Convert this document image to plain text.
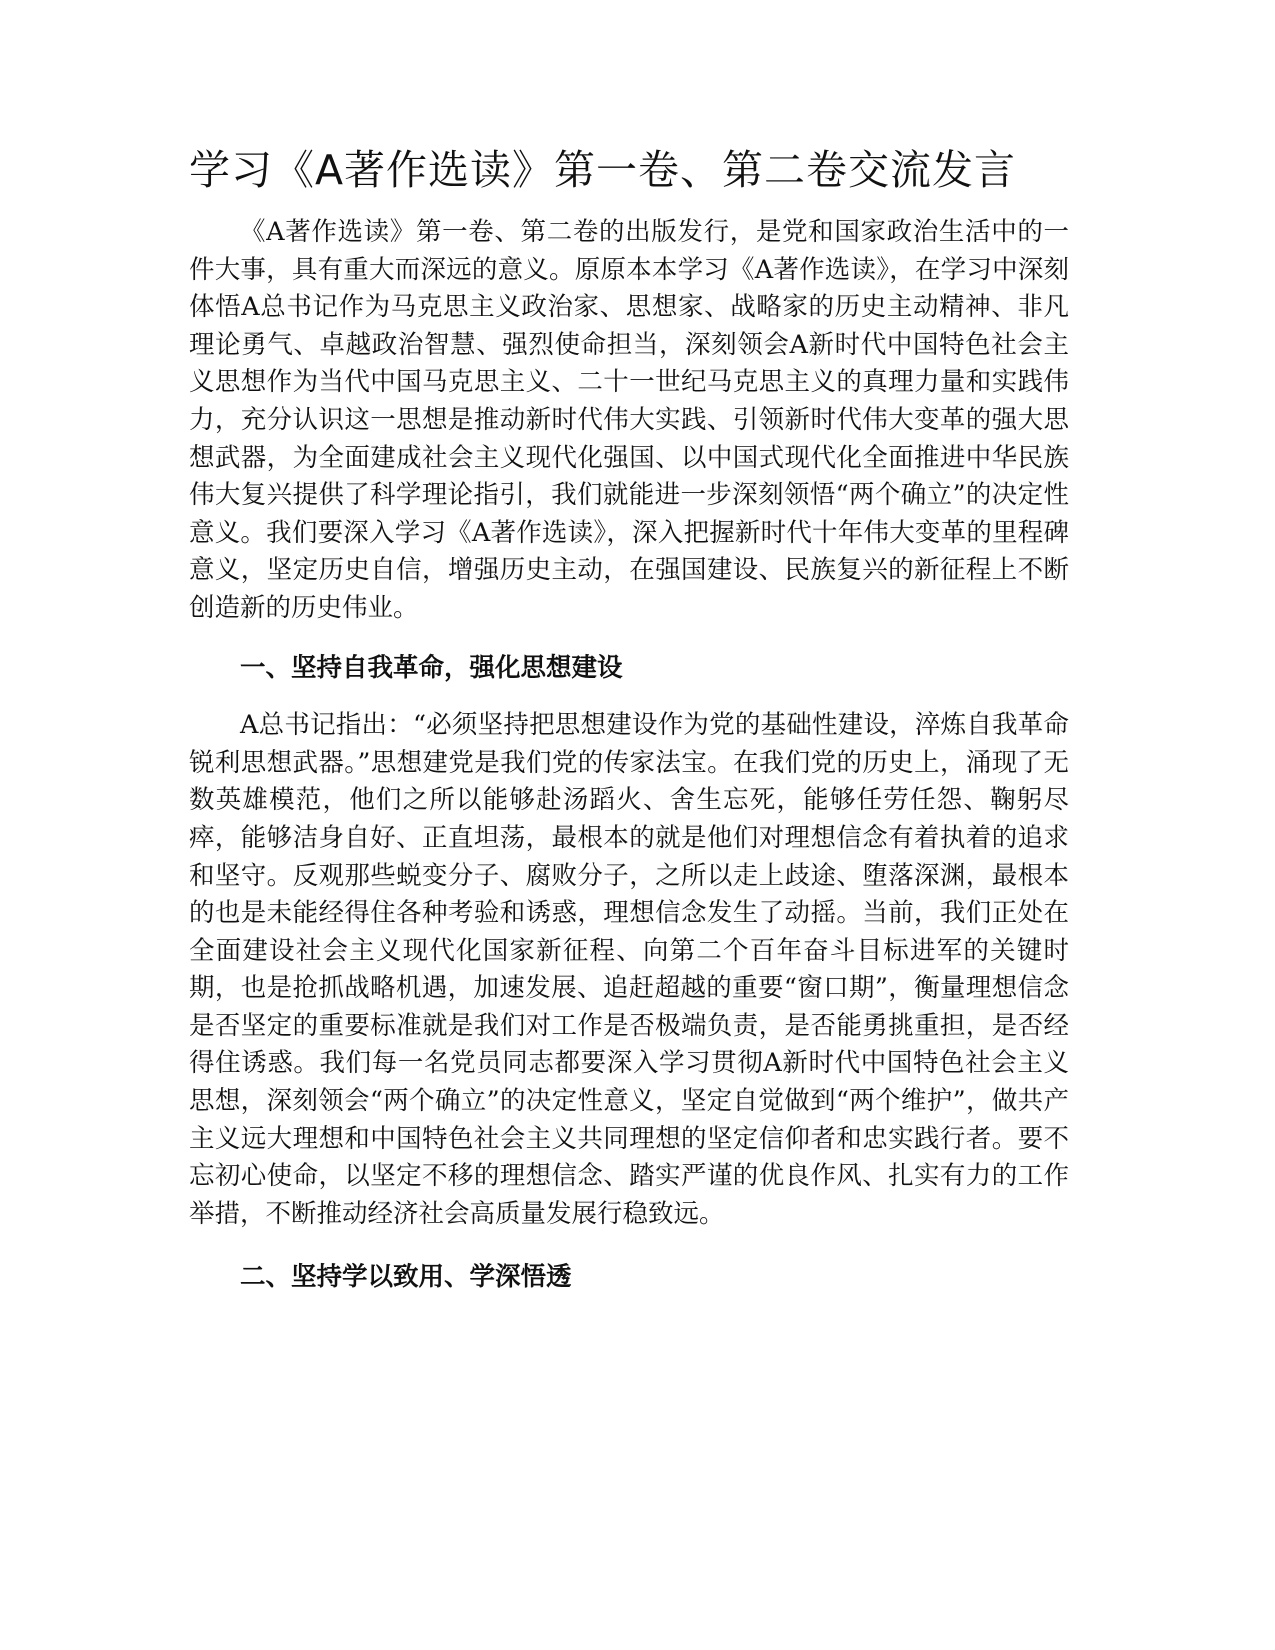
学习《A著作选读》第一卷、第二卷交流发言

《A著作选读》第一卷、第二卷的出版发行，是党和国家政治生活中的一件大事，具有重大而深远的意义。原原本本学习《A著作选读》，在学习中深刻体悟A总书记作为马克思主义政治家、思想家、战略家的历史主动精神、非凡理论勇气、卓越政治智慧、强烈使命担当，深刻领会A新时代中国特色社会主义思想作为当代中国马克思主义、二十一世纪马克思主义的真理力量和实践伟力，充分认识这一思想是推动新时代伟大实践、引领新时代伟大变革的强大思想武器，为全面建成社会主义现代化强国、以中国式现代化全面推进中华民族伟大复兴提供了科学理论指引，我们就能进一步深刻领悟“两个确立”的决定性意义。我们要深入学习《A著作选读》，深入把握新时代十年伟大变革的里程碑意义，坚定历史自信，增强历史主动，在强国建设、民族复兴的新征程上不断创造新的历史伟业。

一、坚持自我革命，强化思想建设

A总书记指出：“必须坚持把思想建设作为党的基础性建设，淬炼自我革命锐利思想武器。”思想建党是我们党的传家法宝。在我们党的历史上，涌现了无数英雄模范，他们之所以能够赴汤蹈火、舍生忘死，能够任劳任怨、鞠躬尽瘁，能够洁身自好、正直坦荡，最根本的就是他们对理想信念有着执着的追求和坚守。反观那些蜕变分子、腐败分子，之所以走上歧途、堕落深渊，最根本的也是未能经得住各种考验和诱惑，理想信念发生了动摇。当前，我们正处在全面建设社会主义现代化国家新征程、向第二个百年奋斗目标进军的关键时期，也是抢抓战略机遇，加速发展、追赶超越的重要“窗口期”，衡量理想信念是否坚定的重要标准就是我们对工作是否极端负责，是否能勇挑重担，是否经得住诱惑。我们每一名党员同志都要深入学习贯彻A新时代中国特色社会主义思想，深刻领会“两个确立”的决定性意义，坚定自觉做到“两个维护”，做共产主义远大理想和中国特色社会主义共同理想的坚定信仰者和忠实践行者。要不忘初心使命，以坚定不移的理想信念、踏实严谨的优良作风、扎实有力的工作举措，不断推动经济社会高质量发展行稳致远。

二、坚持学以致用、学深悟透
